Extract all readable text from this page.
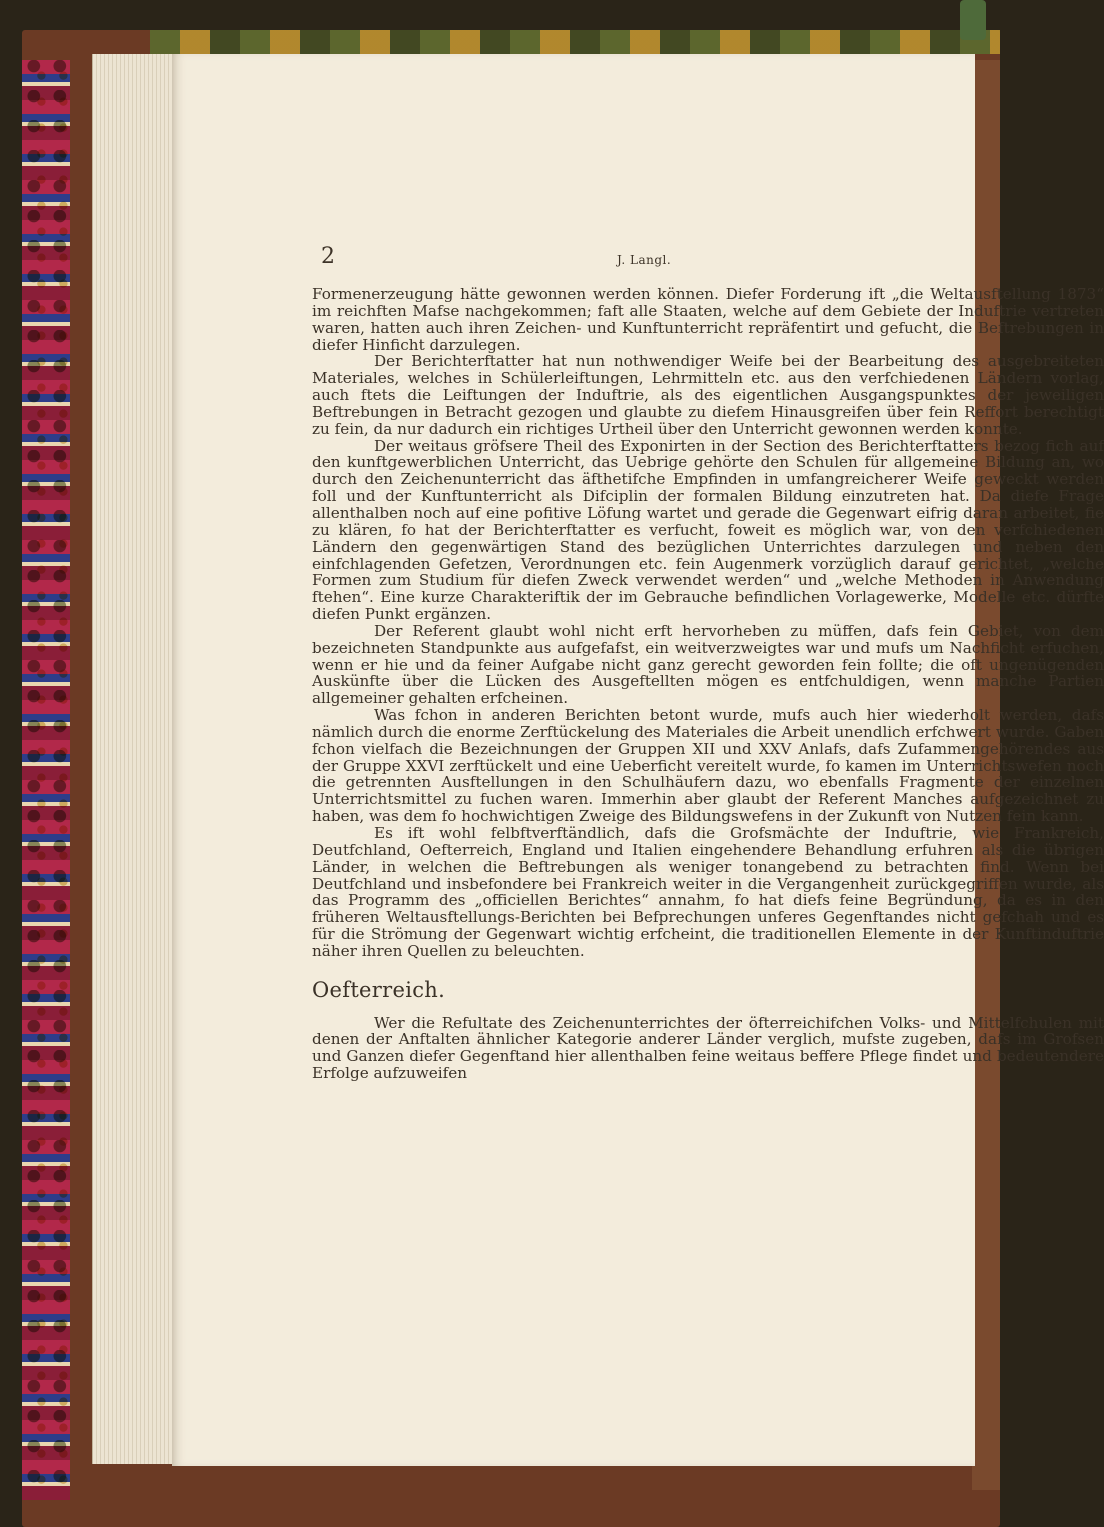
2	J. Langl.

Formenerzeugung hätte gewonnen werden können. Diefer Forderung ift „die Weltausftellung 1873“ im reichften Mafse nachgekommen; faft alle Staaten, welche auf dem Gebiete der Induftrie vertreten waren, hatten auch ihren Zeichen- und Kunftunterricht repräfentirt und gefucht, die Beftrebungen in diefer Hinficht darzulegen.

Der Berichterftatter hat nun nothwendiger Weife bei der Bearbeitung des ausgebreiteten Materiales, welches in Schülerleiftungen, Lehrmitteln etc. aus den verfchiedenen Ländern vorlag, auch ftets die Leiftungen der Induftrie, als des eigentlichen Ausgangspunktes der jeweiligen Beftrebungen in Betracht gezogen und glaubte zu diefem Hinausgreifen über fein Reffort berechtigt zu fein, da nur dadurch ein richtiges Urtheil über den Unterricht gewonnen werden konnte.

Der weitaus gröfsere Theil des Exponirten in der Section des Berichterftatters bezog fich auf den kunftgewerblichen Unterricht, das Uebrige gehörte den Schulen für allgemeine Bildung an, wo durch den Zeichenunterricht das äfthetifche Empfinden in umfangreicherer Weife geweckt werden foll und der Kunftunterricht als Difciplin der formalen Bildung einzutreten hat. Da diefe Frage allenthalben noch auf eine pofitive Löfung wartet und gerade die Gegenwart eifrig daran arbeitet, fie zu klären, fo hat der Berichterftatter es verfucht, foweit es möglich war, von den verfchiedenen Ländern den gegenwärtigen Stand des bezüglichen Unterrichtes darzulegen und neben den einfchlagenden Gefetzen, Verordnungen etc. fein Augenmerk vorzüglich darauf gerichtet, „welche Formen zum Studium für diefen Zweck verwendet werden“ und „welche Methoden in Anwendung ftehen“. Eine kurze Charakteriftik der im Gebrauche befindlichen Vorlagewerke, Modelle etc. dürfte diefen Punkt ergänzen.

Der Referent glaubt wohl nicht erft hervorheben zu müffen, dafs fein Gebiet, von dem bezeichneten Standpunkte aus aufgefafst, ein weitverzweigtes war und mufs um Nachficht erfuchen, wenn er hie und da feiner Aufgabe nicht ganz gerecht geworden fein follte; die oft ungenügenden Auskünfte über die Lücken des Ausgeftellten mögen es entfchuldigen, wenn manche Partien allgemeiner gehalten erfcheinen.

Was fchon in anderen Berichten betont wurde, mufs auch hier wiederholt werden, dafs nämlich durch die enorme Zerftückelung des Materiales die Arbeit unendlich erfchwert wurde. Gaben fchon vielfach die Bezeichnungen der Gruppen XII und XXV Anlafs, dafs Zufammengehörendes aus der Gruppe XXVI zerftückelt und eine Ueberficht vereitelt wurde, fo kamen im Unterrichtswefen noch die getrennten Ausftellungen in den Schulhäufern dazu, wo ebenfalls Fragmente der einzelnen Unterrichtsmittel zu fuchen waren. Immerhin aber glaubt der Referent Manches aufgezeichnet zu haben, was dem fo hochwichtigen Zweige des Bildungswefens in der Zukunft von Nutzen fein kann.

Es ift wohl felbftverftändlich, dafs die Grofsmächte der Induftrie, wie Frankreich, Deutfchland, Oefterreich, England und Italien eingehendere Behandlung erfuhren als die übrigen Länder, in welchen die Beftrebungen als weniger tonangebend zu betrachten find. Wenn bei Deutfchland und insbefondere bei Frankreich weiter in die Vergangenheit zurückgegriffen wurde, als das Programm des „officiellen Berichtes“ annahm, fo hat diefs feine Begründung, da es in den früheren Weltausftellungs-Berichten bei Befprechungen unferes Gegenftandes nicht gefchah und es für die Strömung der Gegenwart wichtig erfcheint, die traditionellen Elemente in der Kunftinduftrie näher ihren Quellen zu beleuchten.

Oefterreich.

Wer die Refultate des Zeichenunterrichtes der öfterreichifchen Volks- und Mittelfchulen mit denen der Anftalten ähnlicher Kategorie anderer Länder verglich, mufste zugeben, dafs im Grofsen und Ganzen diefer Gegenftand hier allenthalben feine weitaus beffere Pflege findet und bedeutendere Erfolge aufzuweifen
